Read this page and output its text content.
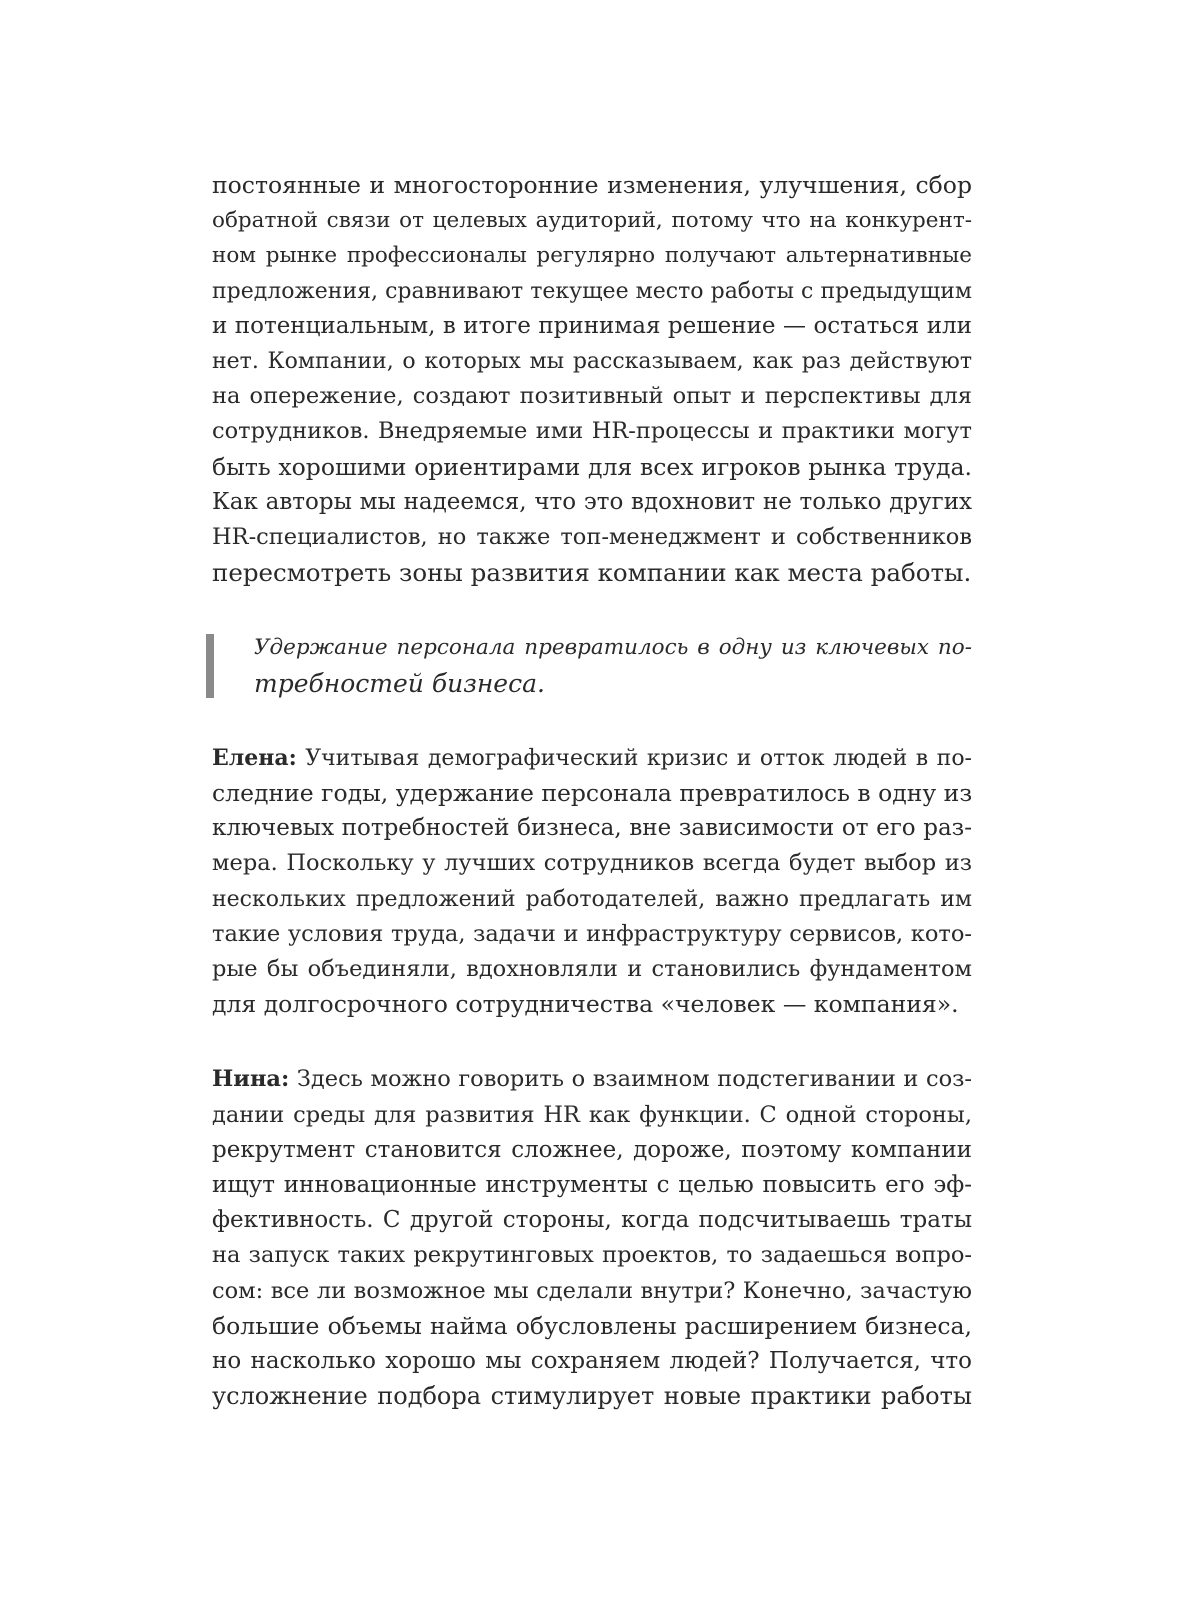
постоянные и многосторонние изменения, улучшения, сбор
обратной связи от целевых аудиторий, потому что на конкурент-
ном рынке профессионалы регулярно получают альтернативные
предложения, сравнивают текущее место работы с предыдущим
и потенциальным, в итоге принимая решение — остаться или
нет. Компании, о которых мы рассказываем, как раз действуют
на опережение, создают позитивный опыт и перспективы для
сотрудников. Внедряемые ими HR-процессы и практики могут
быть хорошими ориентирами для всех игроков рынка труда.
Как авторы мы надеемся, что это вдохновит не только других
HR-специалистов, но также топ-менеджмент и собственников
пересмотреть зоны развития компании как места работы.
Удержание персонала превратилось в одну из ключевых по-
требностей бизнеса.
Елена: Учитывая демографический кризис и отток людей в по-
следние годы, удержание персонала превратилось в одну из
ключевых потребностей бизнеса, вне зависимости от его раз-
мера. Поскольку у лучших сотрудников всегда будет выбор из
нескольких предложений работодателей, важно предлагать им
такие условия труда, задачи и инфраструктуру сервисов, кото-
рые бы объединяли, вдохновляли и становились фундаментом
для долгосрочного сотрудничества «человек — компания».
Нина: Здесь можно говорить о взаимном подстегивании и соз-
дании среды для развития HR как функции. С одной стороны,
рекрутмент становится сложнее, дороже, поэтому компании
ищут инновационные инструменты с целью повысить его эф-
фективность. С другой стороны, когда подсчитываешь траты
на запуск таких рекрутинговых проектов, то задаешься вопро-
сом: все ли возможное мы сделали внутри? Конечно, зачастую
большие объемы найма обусловлены расширением бизнеса,
но насколько хорошо мы сохраняем людей? Получается, что
усложнение подбора стимулирует новые практики работы
